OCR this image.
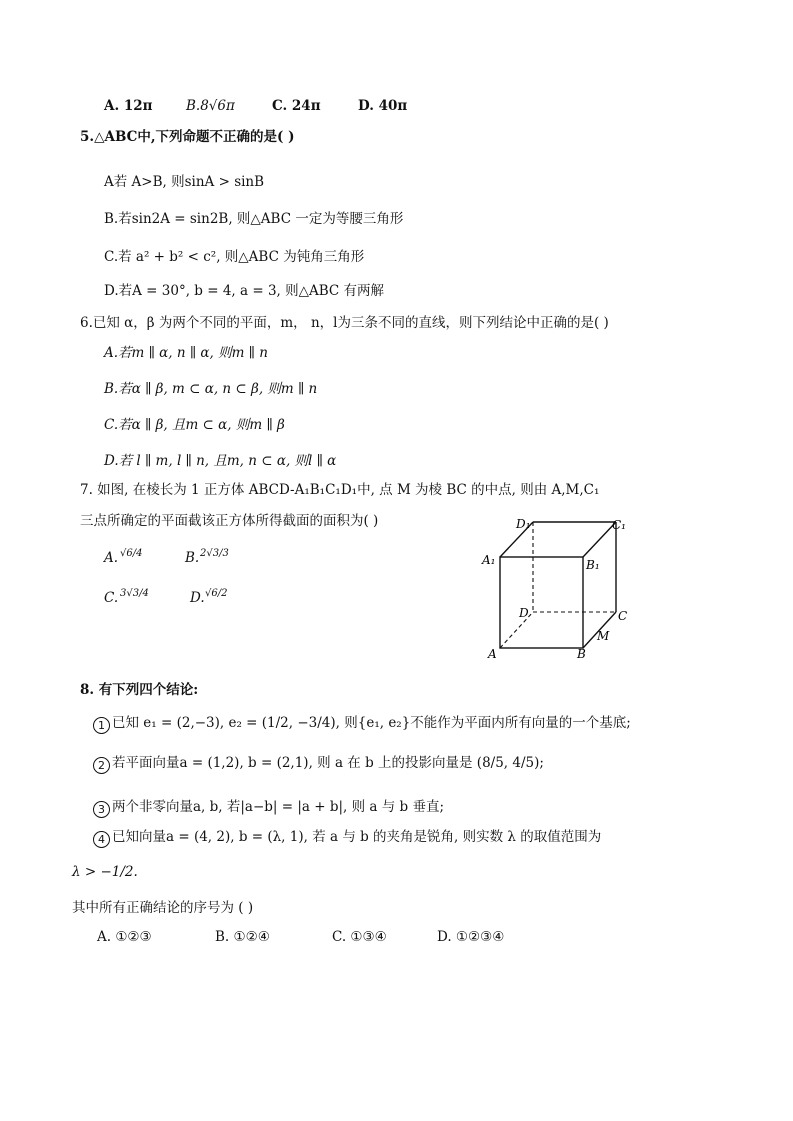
A. 12π B.8√6π	C. 24π	D. 40π
5.△ABC中,下列命题不正确的是( )
A若 A>B, 则sinA > sinB
B.若sin2A = sin2B, 则△ABC 一定为等腰三角形
C.若 a² + b² < c², 则△ABC 为钝角三角形
D.若A = 30°, b = 4, a = 3, 则△ABC 有两解
6.已知 α，β 为两个不同的平面，m， n，l为三条不同的直线，则下列结论中正确的是( )
A.若m ∥ α, n ∥ α, 则m ∥ n
B.若α ∥ β, m ⊂ α, n ⊂ β, 则m ∥ n
C.若α ∥ β, 且m ⊂ α, 则m ∥ β
D.若 l ∥ m, l ∥ n, 且m, n ⊂ α, 则l ∥ α
7. 如图, 在棱长为 1 正方体 ABCD-A₁B₁C₁D₁中, 点 M 为棱 BC 的中点, 则由 A,M,C₁
三点所确定的平面截该正方体所得截面的面积为( )
A. √6/4	B. 2√3/3
C. 3√3/4	D. √6/2
D₁	C₁
A₁	B₁
D	C
M
A	B
8. 有下列四个结论:
1 已知 e₁ = (2,−3), e₂ = (1/2, −3/4), 则{e₁, e₂}不能作为平面内所有向量的一个基底;
2 若平面向量a = (1,2), b = (2,1), 则 a 在 b 上的投影向量是 (8/5, 4/5);
3 两个非零向量a, b, 若|a−b| = |a + b|, 则 a 与 b 垂直;
4 已知向量a = (4, 2), b = (λ, 1), 若 a 与 b 的夹角是锐角, 则实数 λ 的取值范围为
λ > −1/2.
其中所有正确结论的序号为 ( )
A. ①②③	B. ①②④	C. ①③④	D. ①②③④
